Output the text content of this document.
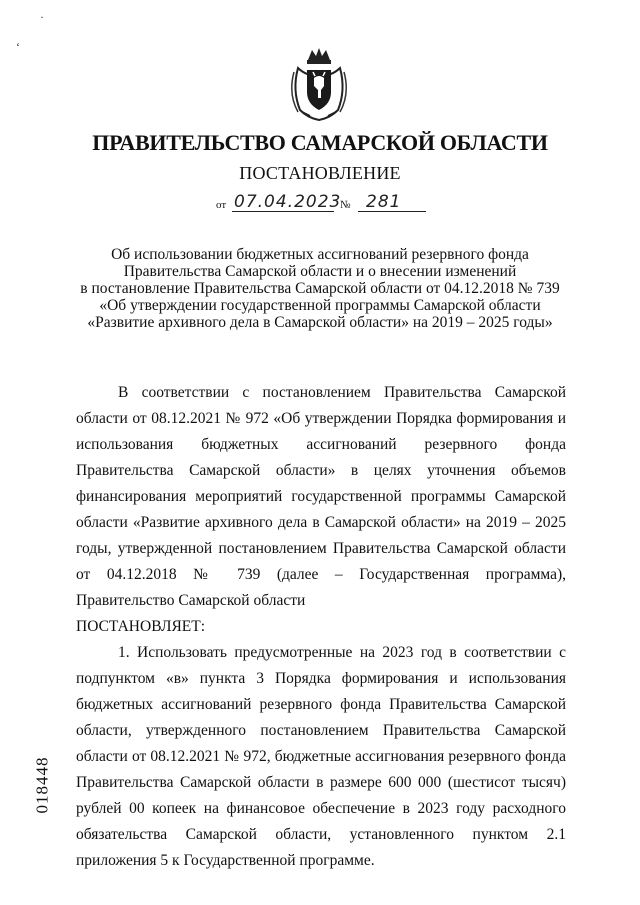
·
‘
ПРАВИТЕЛЬСТВО САМАРСКОЙ ОБЛАСТИ
ПОСТАНОВЛЕНИЕ
от 07.04.2023
№ 281
Об использовании бюджетных ассигнований резервного фонда
Правительства Самарской области и о внесении изменений
в постановление Правительства Самарской области от 04.12.2018 № 739
«Об утверждении государственной программы Самарской области
«Развитие архивного дела в Самарской области» на 2019 – 2025 годы»

В соответствии с постановлением Правительства Самарской области от 08.12.2021 № 972 «Об утверждении Порядка формирования и использования бюджетных ассигнований резервного фонда Правительства Самарской области» в целях уточнения объемов финансирования мероприятий государственной программы Самарской области «Развитие архивного дела в Самарской области» на 2019 – 2025 годы, утвержденной постановлением Правительства Самарской области от 04.12.2018 № 739 (далее – Государственная программа), Правительство Самарской области

ПОСТАНОВЛЯЕТ:

1. Использовать предусмотренные на 2023 год в соответствии с подпунктом «в» пункта 3 Порядка формирования и использования бюджетных ассигнований резервного фонда Правительства Самарской области, утвержденного постановлением Правительства Самарской области от 08.12.2021 № 972, бюджетные ассигнования резервного фонда Правительства Самарской области в размере 600 000 (шестисот тысяч) рублей 00 копеек на финансовое обеспечение в 2023 году расходного обязательства Самарской области, установленного пунктом 2.1 приложения 5 к Государственной программе.

018448
